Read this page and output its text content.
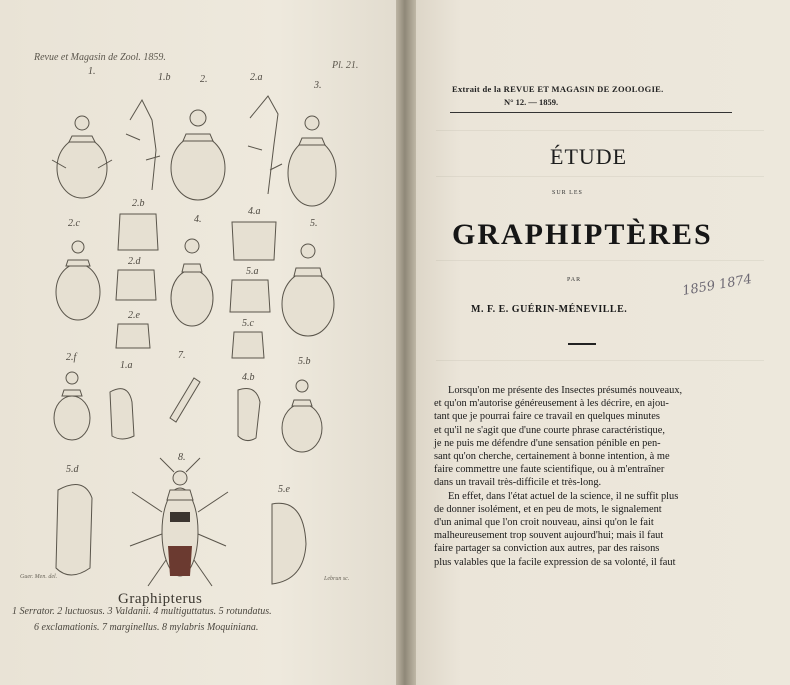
Revue et Magasin de Zool. 1859.
Pl. 21.
1.
1.b	2.	2.a
3.
2.c
2.b
4.
4.a
5.
2.d
5.a
2.e
5.c
2.f
1.a
7.
4.b
5.b
5.d
8.
5.e
Guer. Men. del.	Lebrun sc.
Graphipterus
1 Serrator. 2 luctuosus. 3 Valdanii. 4 multiguttatus. 5 rotundatus.
6 exclamationis. 7 marginellus. 8 mylabris Moquiniana.
Extrait de la REVUE ET MAGASIN DE ZOOLOGIE.
N° 12. — 1859.
ÉTUDE
SUR LES
GRAPHIPTÈRES
PAR
M. F. E. GUÉRIN-MÉNEVILLE.
1859 1874

Lorsqu'on me présente des Insectes présumés nouveaux,
et qu'on m'autorise généreusement à les décrire, en ajou-
tant que je pourrai faire ce travail en quelques minutes
et qu'il ne s'agit que d'une courte phrase caractéristique,
je ne puis me défendre d'une sensation pénible en pen-
sant qu'on cherche, certainement à bonne intention, à me
faire commettre une faute scientifique, ou à m'entraîner
dans un travail très-difficile et très-long.

En effet, dans l'état actuel de la science, il ne suffit plus
de donner isolément, et en peu de mots, le signalement
d'un animal que l'on croit nouveau, ainsi qu'on le fait
malheureusement trop souvent aujourd'hui; mais il faut
faire partager sa conviction aux autres, par des raisons
plus valables que la facile expression de sa volonté, il faut
